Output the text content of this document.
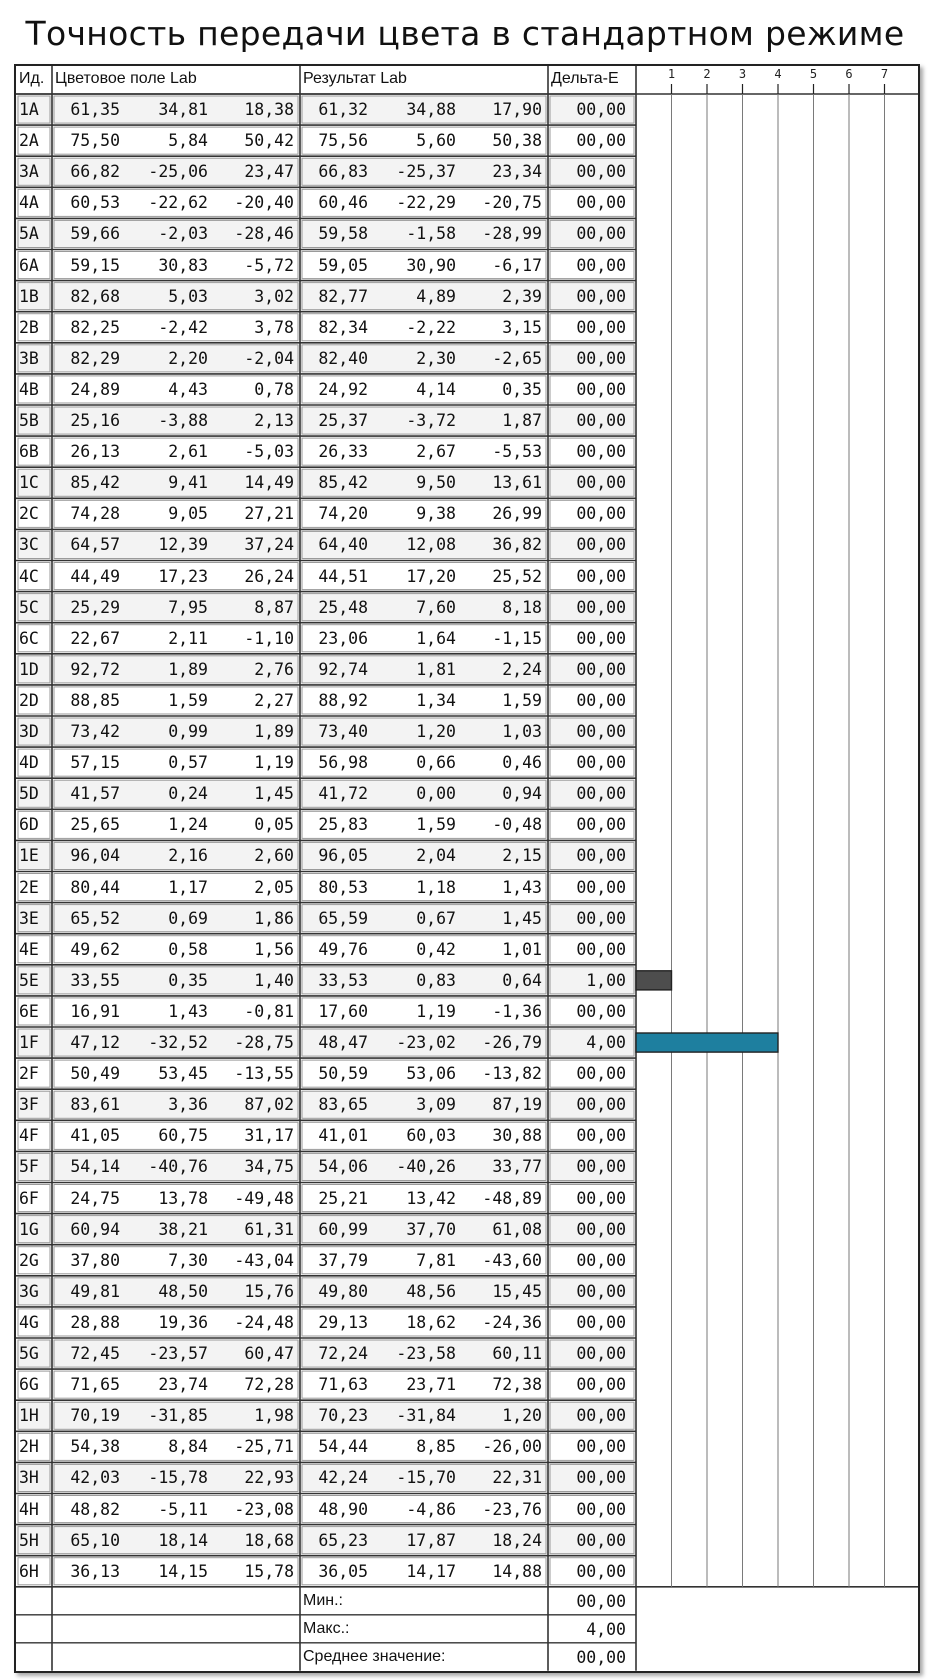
Точность передачи цвета в стандартном режиме
1 2 3 4 5 6 7
Ид. Цветовое поле Lab	Результат Lab	Дельта-E
1A	61,35	34,81	18,38	61,32	34,88	17,90	00,00
2A	75,50	5,84	50,42	75,56	5,60	50,38	00,00
3A	66,82	-25,06	23,47	66,83	-25,37	23,34	00,00
4A	60,53	-22,62	-20,40	60,46	-22,29	-20,75	00,00
5A	59,66	-2,03	-28,46	59,58	-1,58	-28,99	00,00
6A	59,15	30,83	-5,72	59,05	30,90	-6,17	00,00
1B	82,68	5,03	3,02	82,77	4,89	2,39	00,00
2B	82,25	-2,42	3,78	82,34	-2,22	3,15	00,00
3B	82,29	2,20	-2,04	82,40	2,30	-2,65	00,00
4B	24,89	4,43	0,78	24,92	4,14	0,35	00,00
5B	25,16	-3,88	2,13	25,37	-3,72	1,87	00,00
6B	26,13	2,61	-5,03	26,33	2,67	-5,53	00,00
1C	85,42	9,41	14,49	85,42	9,50	13,61	00,00
2C	74,28	9,05	27,21	74,20	9,38	26,99	00,00
3C	64,57	12,39	37,24	64,40	12,08	36,82	00,00
4C	44,49	17,23	26,24	44,51	17,20	25,52	00,00
5C	25,29	7,95	8,87	25,48	7,60	8,18	00,00
6C	22,67	2,11	-1,10	23,06	1,64	-1,15	00,00
1D	92,72	1,89	2,76	92,74	1,81	2,24	00,00
2D	88,85	1,59	2,27	88,92	1,34	1,59	00,00
3D	73,42	0,99	1,89	73,40	1,20	1,03	00,00
4D	57,15	0,57	1,19	56,98	0,66	0,46	00,00
5D	41,57	0,24	1,45	41,72	0,00	0,94	00,00
6D	25,65	1,24	0,05	25,83	1,59	-0,48	00,00
1E	96,04	2,16	2,60	96,05	2,04	2,15	00,00
2E	80,44	1,17	2,05	80,53	1,18	1,43	00,00
3E	65,52	0,69	1,86	65,59	0,67	1,45	00,00
4E	49,62	0,58	1,56	49,76	0,42	1,01	00,00
5E	33,55	0,35	1,40	33,53	0,83	0,64	1,00
6E	16,91	1,43	-0,81	17,60	1,19	-1,36	00,00
1F	47,12	-32,52	-28,75	48,47	-23,02	-26,79	4,00
2F	50,49	53,45	-13,55	50,59	53,06	-13,82	00,00
3F	83,61	3,36	87,02	83,65	3,09	87,19	00,00
4F	41,05	60,75	31,17	41,01	60,03	30,88	00,00
5F	54,14	-40,76	34,75	54,06	-40,26	33,77	00,00
6F	24,75	13,78	-49,48	25,21	13,42	-48,89	00,00
1G	60,94	38,21	61,31	60,99	37,70	61,08	00,00
2G	37,80	7,30	-43,04	37,79	7,81	-43,60	00,00
3G	49,81	48,50	15,76	49,80	48,56	15,45	00,00
4G	28,88	19,36	-24,48	29,13	18,62	-24,36	00,00
5G	72,45	-23,57	60,47	72,24	-23,58	60,11	00,00
6G	71,65	23,74	72,28	71,63	23,71	72,38	00,00
1H	70,19	-31,85	1,98	70,23	-31,84	1,20	00,00
2H	54,38	8,84	-25,71	54,44	8,85	-26,00	00,00
3H	42,03	-15,78	22,93	42,24	-15,70	22,31	00,00
4H	48,82	-5,11	-23,08	48,90	-4,86	-23,76	00,00
5H	65,10	18,14	18,68	65,23	17,87	18,24	00,00
6H	36,13	14,15	15,78	36,05	14,17	14,88	00,00
Мин.:	00,00
Макс.:	4,00
Среднее значение:	00,00
